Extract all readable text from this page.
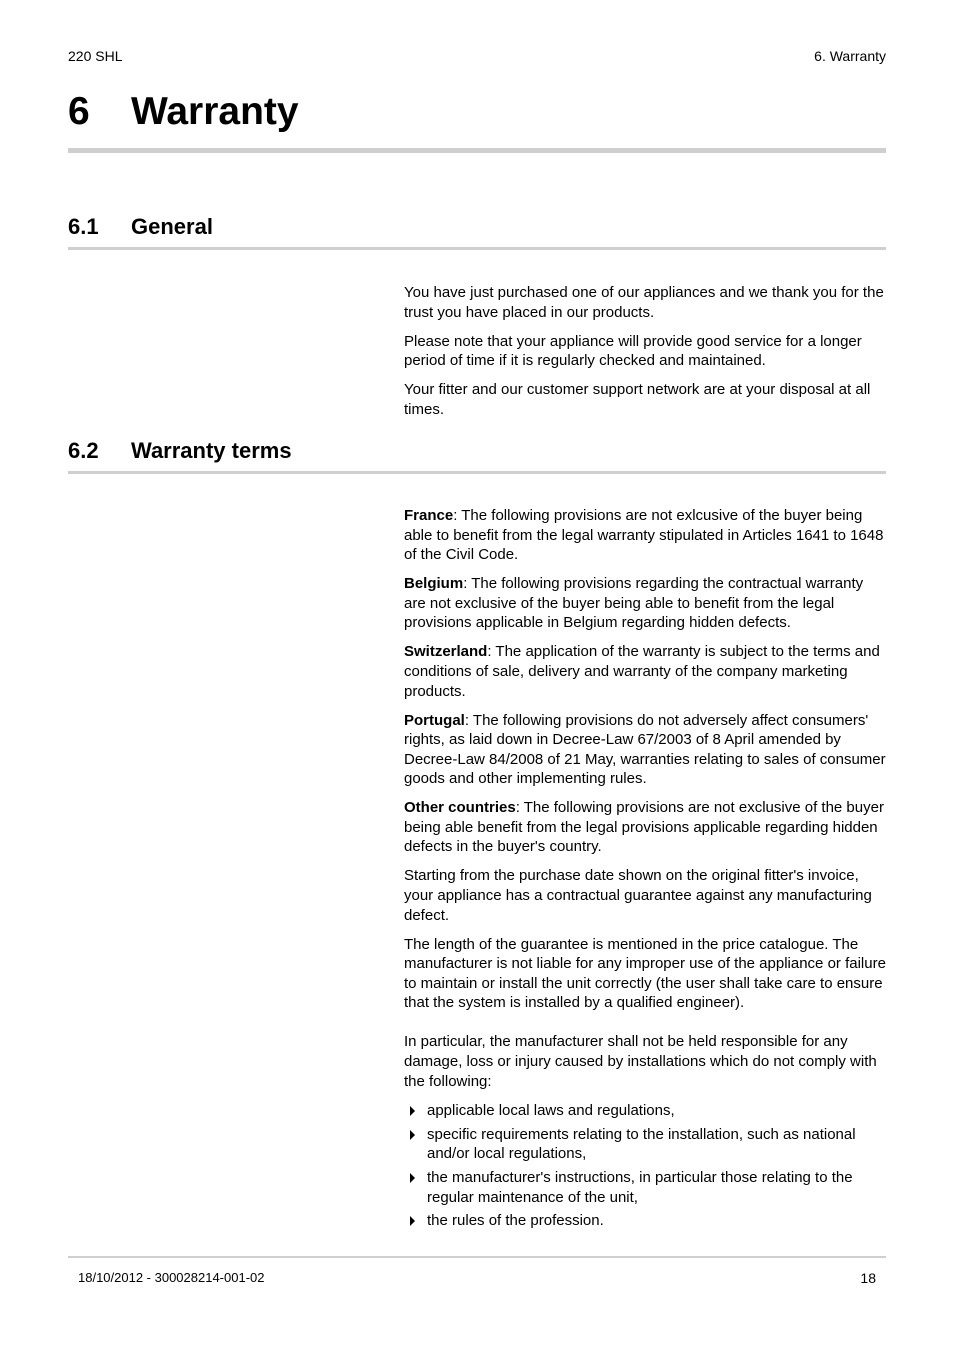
220 SHL	6. Warranty
6 Warranty
6.1 General

You have just purchased one of our appliances and we thank you for the trust you have placed in our products.

Please note that your appliance will provide good service for a longer period of time if it is regularly checked and maintained.

Your fitter and our customer support network are at your disposal at all times.

6.2 Warranty terms

France: The following provisions are not exlcusive of the buyer being able to benefit from the legal warranty stipulated in Articles 1641 to 1648 of the Civil Code.

Belgium: The following provisions regarding the contractual warranty are not exclusive of the buyer being able to benefit from the legal provisions applicable in Belgium regarding hidden defects.

Switzerland: The application of the warranty is subject to the terms and conditions of sale, delivery and warranty of the company marketing products.

Portugal: The following provisions do not adversely affect consumers' rights, as laid down in Decree-Law 67/2003 of 8 April amended by Decree-Law 84/2008 of 21 May, warranties relating to sales of consumer goods and other implementing rules.

Other countries: The following provisions are not exclusive of the buyer being able benefit from the legal provisions applicable regarding hidden defects in the buyer's country.

Starting from the purchase date shown on the original fitter's invoice, your appliance has a contractual guarantee against any manufacturing defect.

The length of the guarantee is mentioned in the price catalogue. The manufacturer is not liable for any improper use of the appliance or failure to maintain or install the unit correctly (the user shall take care to ensure that the system is installed by a qualified engineer).

In particular, the manufacturer shall not be held responsible for any damage, loss or injury caused by installations which do not comply with the following:

applicable local laws and regulations,
specific requirements relating to the installation, such as national and/or local regulations,
the manufacturer's instructions, in particular those relating to the regular maintenance of the unit,
the rules of the profession.
18/10/2012 - 300028214-001-02	18
